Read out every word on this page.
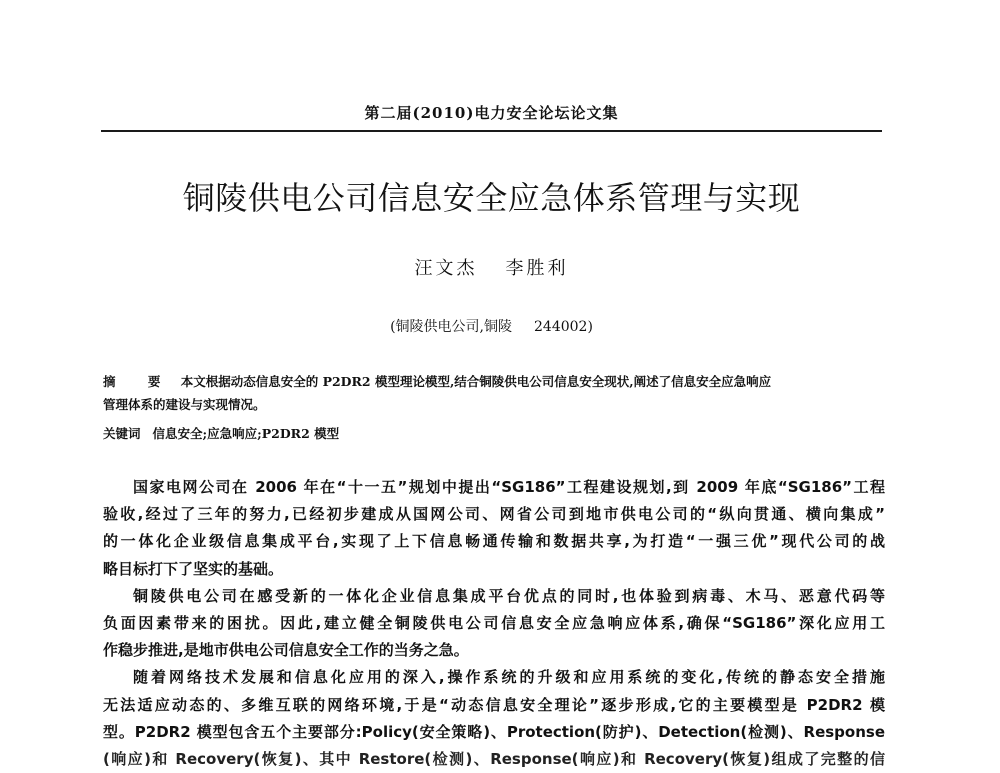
第二届(2010)电力安全论坛论文集
铜陵供电公司信息安全应急体系管理与实现
汪文杰 李胜利
(铜陵供电公司,铜陵 244002)
摘 要 本文根据动态信息安全的 P2DR2 模型理论模型,结合铜陵供电公司信息安全现状,阐述了信息安全应急响应
管理体系的建设与实现情况。
关键词 信息安全;应急响应;P2DR2 模型
国家电网公司在 2006 年在“十一五”规划中提出“SG186”工程建设规划,到 2009 年底“SG186”工程
验收,经过了三年的努力,已经初步建成从国网公司、网省公司到地市供电公司的“纵向贯通、横向集成”
的一体化企业级信息集成平台,实现了上下信息畅通传输和数据共享,为打造“一强三优”现代公司的战
略目标打下了坚实的基础。
铜陵供电公司在感受新的一体化企业信息集成平台优点的同时,也体验到病毒、木马、恶意代码等
负面因素带来的困扰。因此,建立健全铜陵供电公司信息安全应急响应体系,确保“SG186”深化应用工
作稳步推进,是地市供电公司信息安全工作的当务之急。
随着网络技术发展和信息化应用的深入,操作系统的升级和应用系统的变化,传统的静态安全措施
无法适应动态的、多维互联的网络环境,于是“动态信息安全理论”逐步形成,它的主要模型是 P2DR2 模
型。P2DR2 模型包含五个主要部分:Policy(安全策略)、Protection(防护)、Detection(检测)、Response
(响应)和 Recovery(恢复)、其中 Restore(检测)、Response(响应)和 Recovery(恢复)组成了完整的信
